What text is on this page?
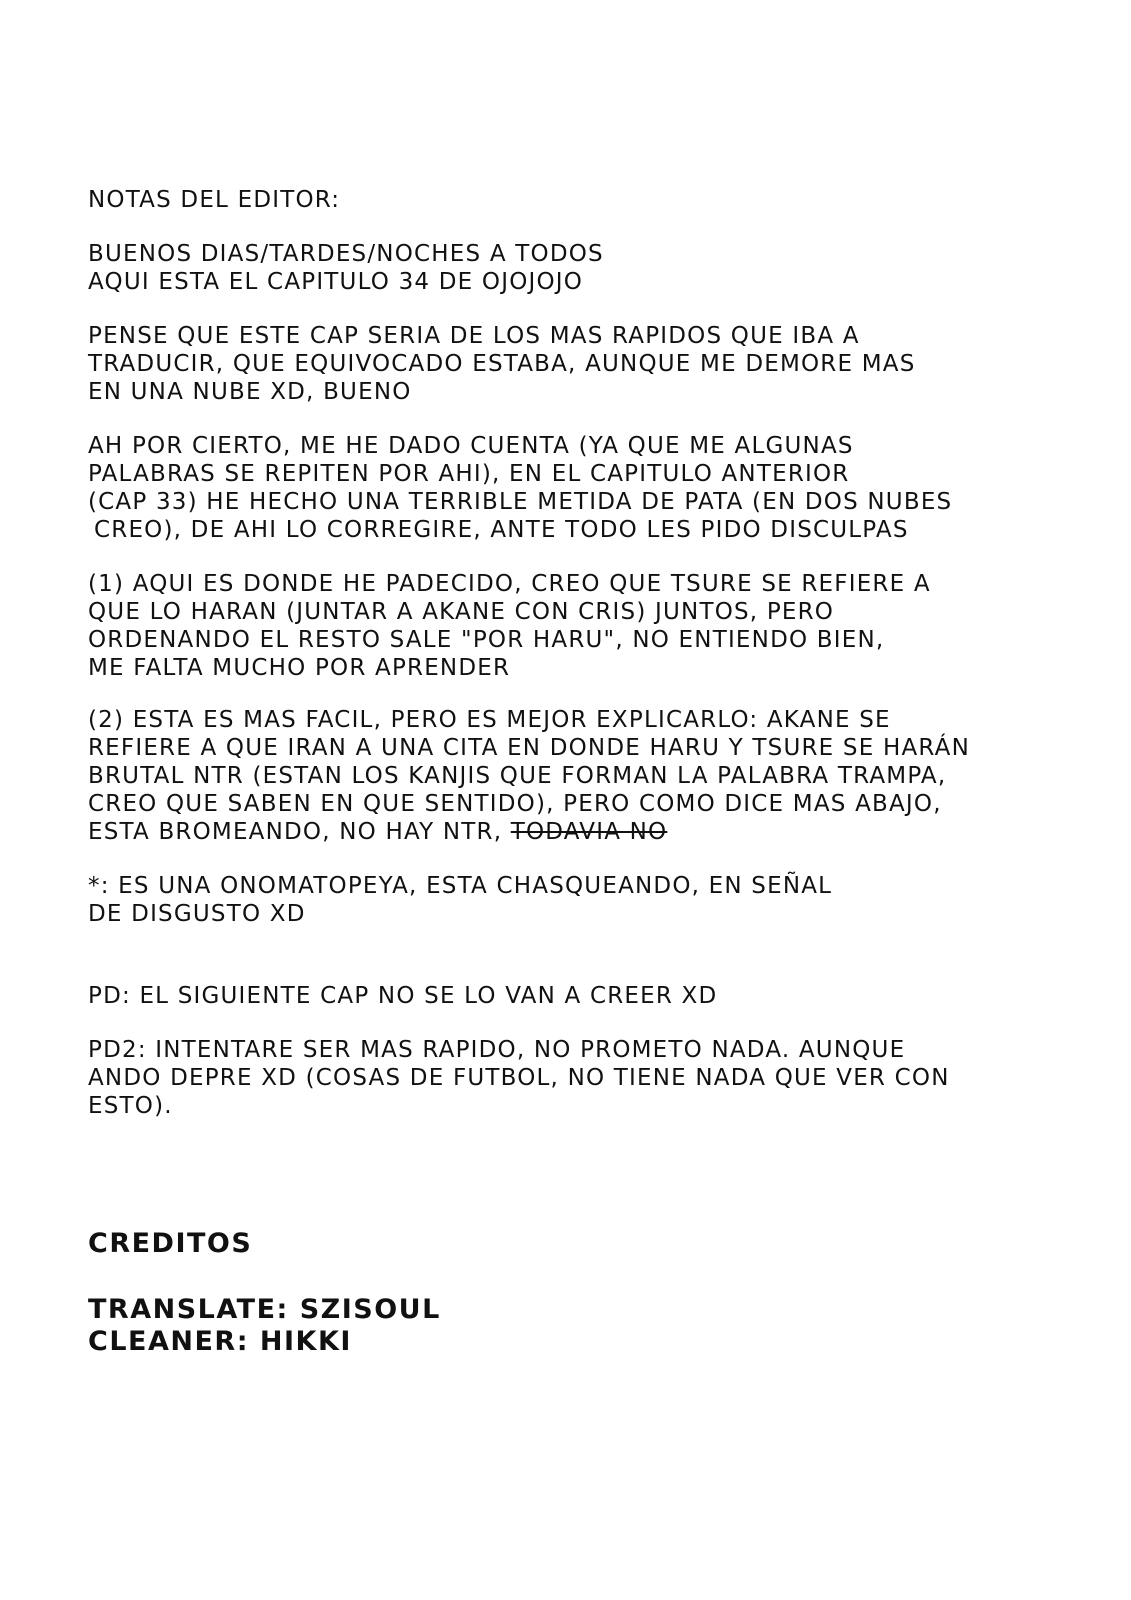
NOTAS DEL EDITOR:
BUENOS DIAS/TARDES/NOCHES A TODOS
AQUI ESTA EL CAPITULO 34 DE OJOJOJO
PENSE QUE ESTE CAP SERIA DE LOS MAS RAPIDOS QUE IBA A
TRADUCIR, QUE EQUIVOCADO ESTABA, AUNQUE ME DEMORE MAS
EN UNA NUBE XD, BUENO
AH POR CIERTO, ME HE DADO CUENTA (YA QUE ME ALGUNAS
PALABRAS SE REPITEN POR AHI), EN EL CAPITULO ANTERIOR
(CAP 33) HE HECHO UNA TERRIBLE METIDA DE PATA (EN DOS NUBES
CREO), DE AHI LO CORREGIRE, ANTE TODO LES PIDO DISCULPAS
(1) AQUI ES DONDE HE PADECIDO, CREO QUE TSURE SE REFIERE A
QUE LO HARAN (JUNTAR A AKANE CON CRIS) JUNTOS, PERO
ORDENANDO EL RESTO SALE "POR HARU", NO ENTIENDO BIEN,
ME FALTA MUCHO POR APRENDER
(2) ESTA ES MAS FACIL, PERO ES MEJOR EXPLICARLO: AKANE SE
REFIERE A QUE IRAN A UNA CITA EN DONDE HARU Y TSURE SE HARÁN
BRUTAL NTR (ESTAN LOS KANJIS QUE FORMAN LA PALABRA TRAMPA,
CREO QUE SABEN EN QUE SENTIDO), PERO COMO DICE MAS ABAJO,
ESTA BROMEANDO, NO HAY NTR, TODAVIA NO
*: ES UNA ONOMATOPEYA, ESTA CHASQUEANDO, EN SEÑAL
DE DISGUSTO XD
PD: EL SIGUIENTE CAP NO SE LO VAN A CREER XD
PD2: INTENTARE SER MAS RAPIDO, NO PROMETO NADA. AUNQUE
ANDO DEPRE XD (COSAS DE FUTBOL, NO TIENE NADA QUE VER CON
ESTO).
CREDITOS
TRANSLATE: SZISOUL
CLEANER: HIKKI
